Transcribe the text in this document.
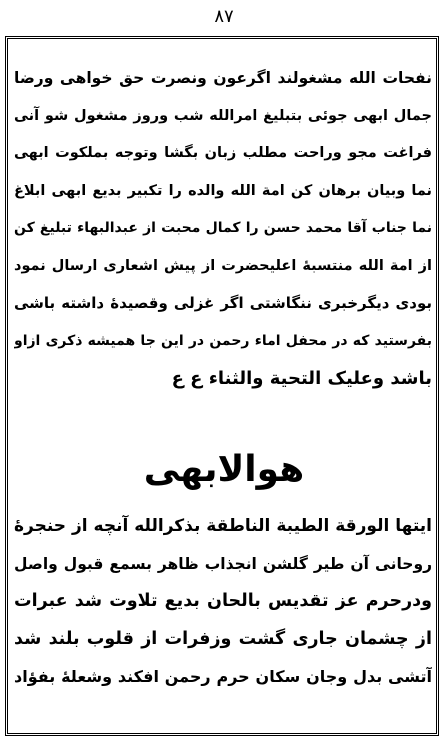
٨٧
نفحات الله مشغولند اگرعون ونصرت حق خواهی ورضا
جمال ابهی جوئی بتبلیغ امرالله شب وروز مشغول شو آنی
فراغت مجو وراحت مطلب زبان بگشا وتوجه بملکوت ابهی
نما وبیان برهان کن امة الله والده را تکبیر بدیع ابهی ابلاغ
نما جناب آقا محمد حسن را کمال محبت از عبدالبهاء تبلیغ کن
از امة الله منتسبهٔ اعلیحضرت از پیش اشعاری ارسال نمود
بودی دیگرخبری ننگاشتی اگر غزلی وقصیدهٔ داشته باشی
بفرستید که در محفل اماء رحمن در این جا همیشه ذکری ازاو
باشد وعلیک التحیة والثناء ع ع
هوالابهی
ایتها الورقة الطیبة الناطقة بذکرالله آنچه از حنجرهٔ
روحانی آن طیر گلشن انجذاب ظاهر بسمع قبول واصل
ودرحرم عز تقدیس بالحان بدیع تلاوت شد عبرات
از چشمان جاری گشت وزفرات از قلوب بلند شد
آتشی بدل وجان سکان حرم رحمن افکند وشعلهٔ بفؤاد
